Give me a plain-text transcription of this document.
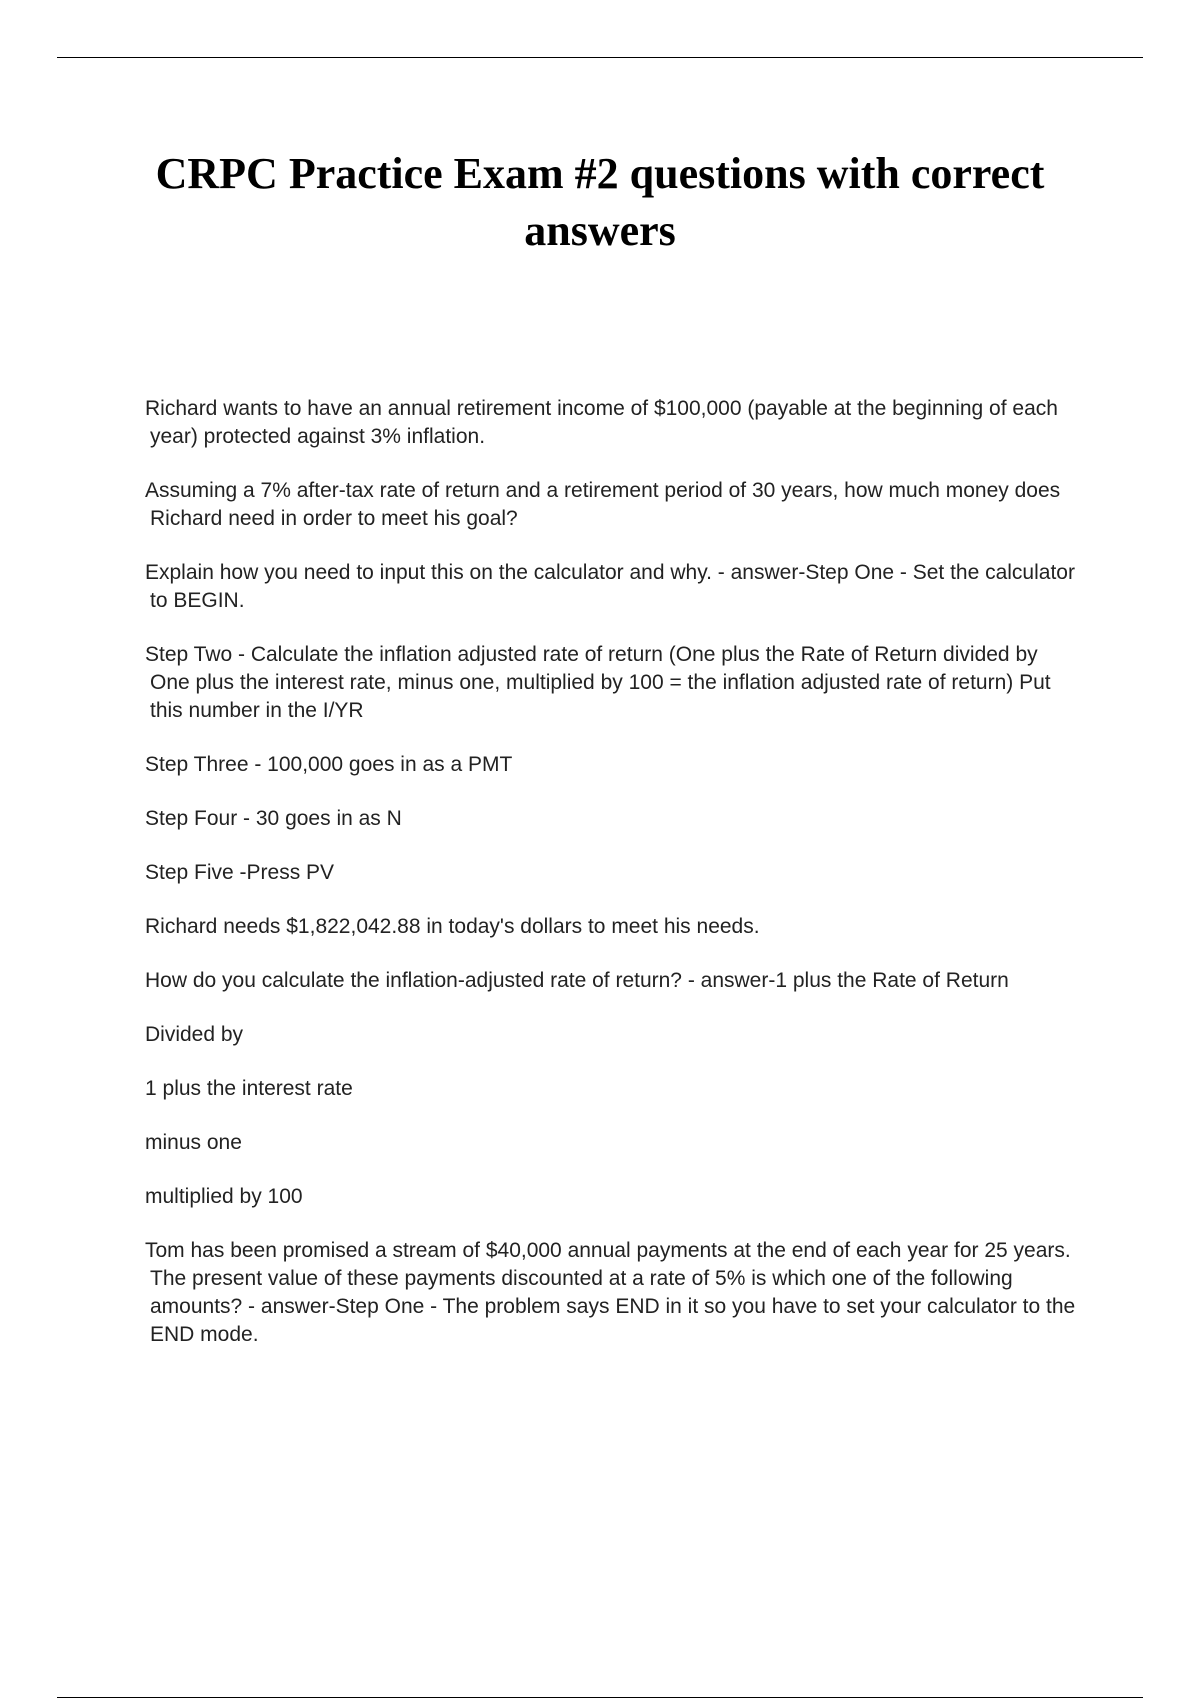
CRPC Practice Exam #2 questions with correct answers

Richard wants to have an annual retirement income of $100,000 (payable at the beginning of each year) protected against 3% inflation.

Assuming a 7% after-tax rate of return and a retirement period of 30 years, how much money does Richard need in order to meet his goal?

Explain how you need to input this on the calculator and why. - answer-Step One - Set the calculator to BEGIN.

Step Two - Calculate the inflation adjusted rate of return (One plus the Rate of Return divided by One plus the interest rate, minus one, multiplied by 100 = the inflation adjusted rate of return) Put this number in the I/YR

Step Three - 100,000 goes in as a PMT

Step Four - 30 goes in as N

Step Five -Press PV

Richard needs $1,822,042.88 in today's dollars to meet his needs.

How do you calculate the inflation-adjusted rate of return? - answer-1 plus the Rate of Return

Divided by

1 plus the interest rate

minus one

multiplied by 100

Tom has been promised a stream of $40,000 annual payments at the end of each year for 25 years. The present value of these payments discounted at a rate of 5% is which one of the following amounts? - answer-Step One - The problem says END in it so you have to set your calculator to the END mode.
